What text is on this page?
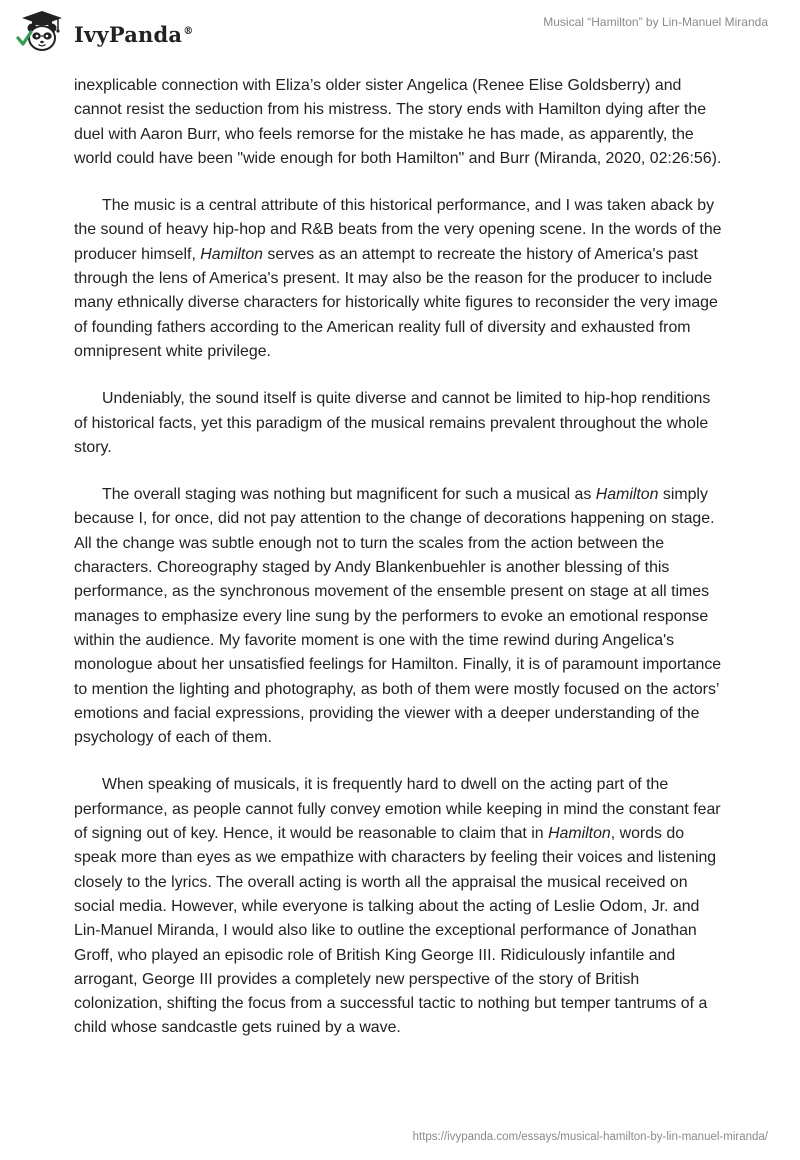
IvyPanda®
Musical “Hamilton” by Lin-Manuel Miranda

inexplicable connection with Eliza’s older sister Angelica (Renee Elise Goldsberry) and cannot resist the seduction from his mistress. The story ends with Hamilton dying after the duel with Aaron Burr, who feels remorse for the mistake he has made, as apparently, the world could have been "wide enough for both Hamilton" and Burr (Miranda, 2020, 02:26:56).

The music is a central attribute of this historical performance, and I was taken aback by the sound of heavy hip-hop and R&B beats from the very opening scene. In the words of the producer himself, Hamilton serves as an attempt to recreate the history of America's past through the lens of America's present. It may also be the reason for the producer to include many ethnically diverse characters for historically white figures to reconsider the very image of founding fathers according to the American reality full of diversity and exhausted from omnipresent white privilege.

Undeniably, the sound itself is quite diverse and cannot be limited to hip-hop renditions of historical facts, yet this paradigm of the musical remains prevalent throughout the whole story.

The overall staging was nothing but magnificent for such a musical as Hamilton simply because I, for once, did not pay attention to the change of decorations happening on stage. All the change was subtle enough not to turn the scales from the action between the characters. Choreography staged by Andy Blankenbuehler is another blessing of this performance, as the synchronous movement of the ensemble present on stage at all times manages to emphasize every line sung by the performers to evoke an emotional response within the audience. My favorite moment is one with the time rewind during Angelica's monologue about her unsatisfied feelings for Hamilton. Finally, it is of paramount importance to mention the lighting and photography, as both of them were mostly focused on the actors’ emotions and facial expressions, providing the viewer with a deeper understanding of the psychology of each of them.

When speaking of musicals, it is frequently hard to dwell on the acting part of the performance, as people cannot fully convey emotion while keeping in mind the constant fear of signing out of key. Hence, it would be reasonable to claim that in Hamilton, words do speak more than eyes as we empathize with characters by feeling their voices and listening closely to the lyrics. The overall acting is worth all the appraisal the musical received on social media. However, while everyone is talking about the acting of Leslie Odom, Jr. and Lin-Manuel Miranda, I would also like to outline the exceptional performance of Jonathan Groff, who played an episodic role of British King George III. Ridiculously infantile and arrogant, George III provides a completely new perspective of the story of British colonization, shifting the focus from a successful tactic to nothing but temper tantrums of a child whose sandcastle gets ruined by a wave.

https://ivypanda.com/essays/musical-hamilton-by-lin-manuel-miranda/
